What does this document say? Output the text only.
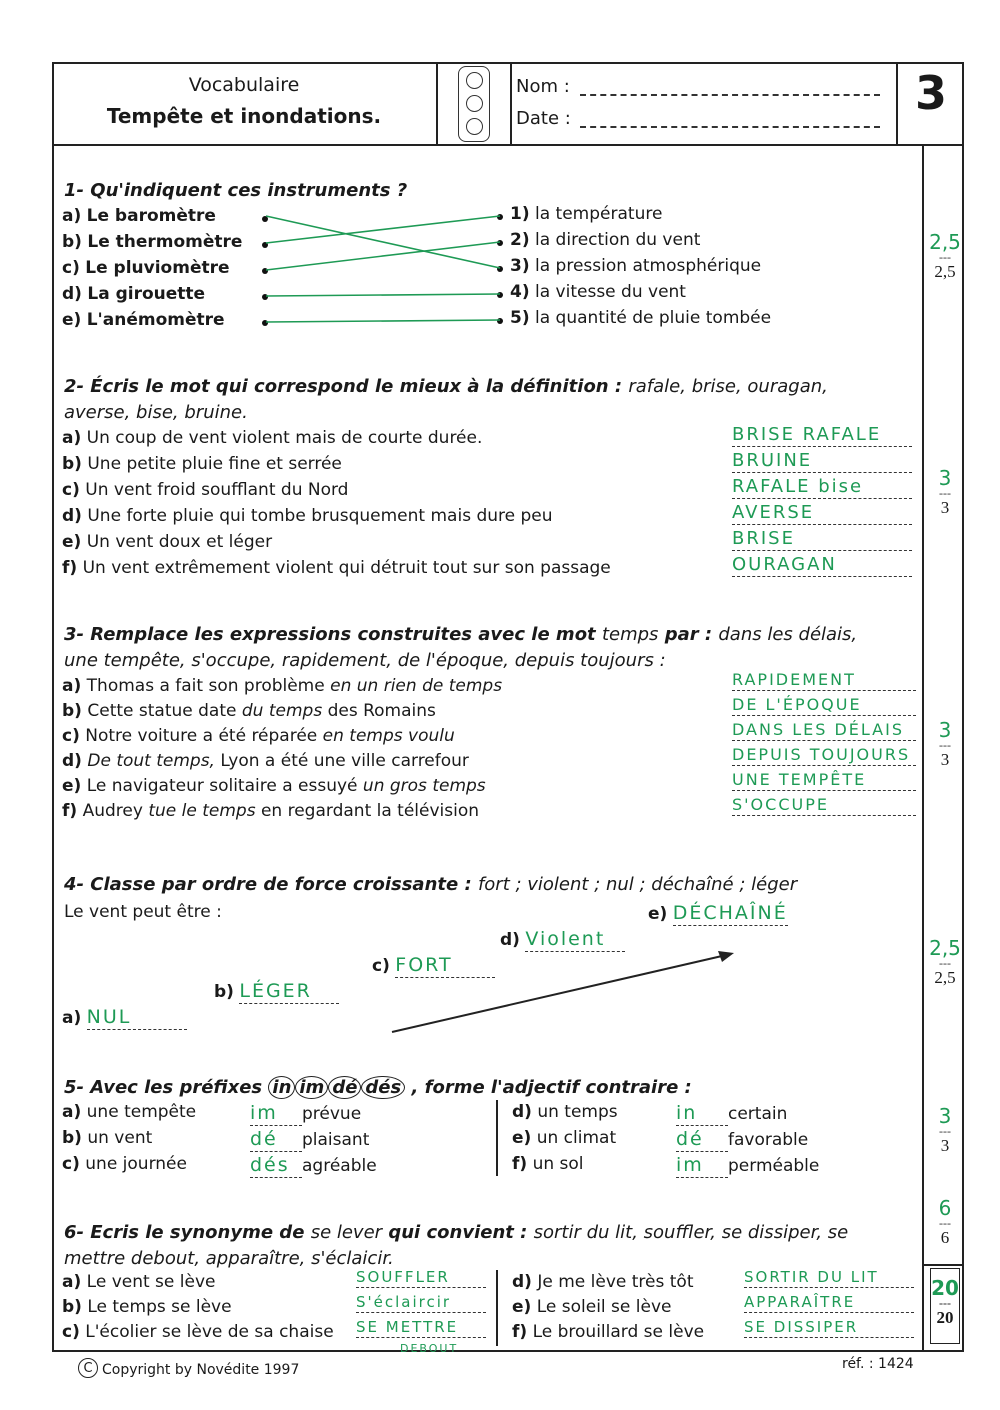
Vocabulaire
Tempête et inondations.
Nom :
Date :	3
1- Qu'indiquent ces instruments ?
a) Le baromètre
b) Le thermomètre
c) Le pluviomètre
d) La girouette
e) L'anémomètre
1) la température
2) la direction du vent
3) la pression atmosphérique
4) la vitesse du vent
5) la quantité de pluie tombée
2- Écris le mot qui correspond le mieux à la définition : rafale, brise, ouragan,
averse, bise, bruine.
a) Un coup de vent violent mais de courte durée.	BRISE RAFALE
b) Une petite pluie fine et serrée	BRUINE
c) Un vent froid soufflant du Nord	RAFALE bise
d) Une forte pluie qui tombe brusquement mais dure peu	AVERSE
e) Un vent doux et léger	BRISE
f) Un vent extrêmement violent qui détruit tout sur son passage	OURAGAN
3- Remplace les expressions construites avec le mot temps par : dans les délais,
une tempête, s'occupe, rapidement, de l'époque, depuis toujours :
a) Thomas a fait son problème en un rien de temps	RAPIDEMENT
b) Cette statue date du temps des Romains	DE L'ÉPOQUE
c) Notre voiture a été réparée en temps voulu	DANS LES DÉLAIS
d) De tout temps, Lyon a été une ville carrefour	DEPUIS TOUJOURS
e) Le navigateur solitaire a essuyé un gros temps	UNE TEMPÊTE
f) Audrey tue le temps en regardant la télévision	S'OCCUPE
4- Classe par ordre de force croissante : fort ; violent ; nul ; déchaîné ; léger
Le vent peut être :
a) NUL
b) LÉGER
c) FORT
d) Violent
e) DÉCHAÎNÉ
5- Avec les préfixes in im dé dés , forme l'adjectif contraire :
a) une tempête	im prévue
b) un vent	dé plaisant
c) une journée	dés agréable
d) un temps	in certain
e) un climat	dé favorable
f) un sol	im perméable
6- Ecris le synonyme de se lever qui convient : sortir du lit, souffler, se dissiper, se
mettre debout, apparaître, s'éclaicir.
a) Le vent se lève	SOUFFLER
b) Le temps se lève	S'éclaircir
c) L'écolier se lève de sa chaise SE METTRE
DEBOUT
d) Je me lève très tôt	SORTIR DU LIT
e) Le soleil se lève	APPARAÎTRE
f) Le brouillard se lève	SE DISSIPER
2,5
---
2,5
3
---
3
3
---
3
2,5
---
2,5
3
---
3
6
---
6
20
---
20
C Copyright by Novédite 1997	réf. : 1424
